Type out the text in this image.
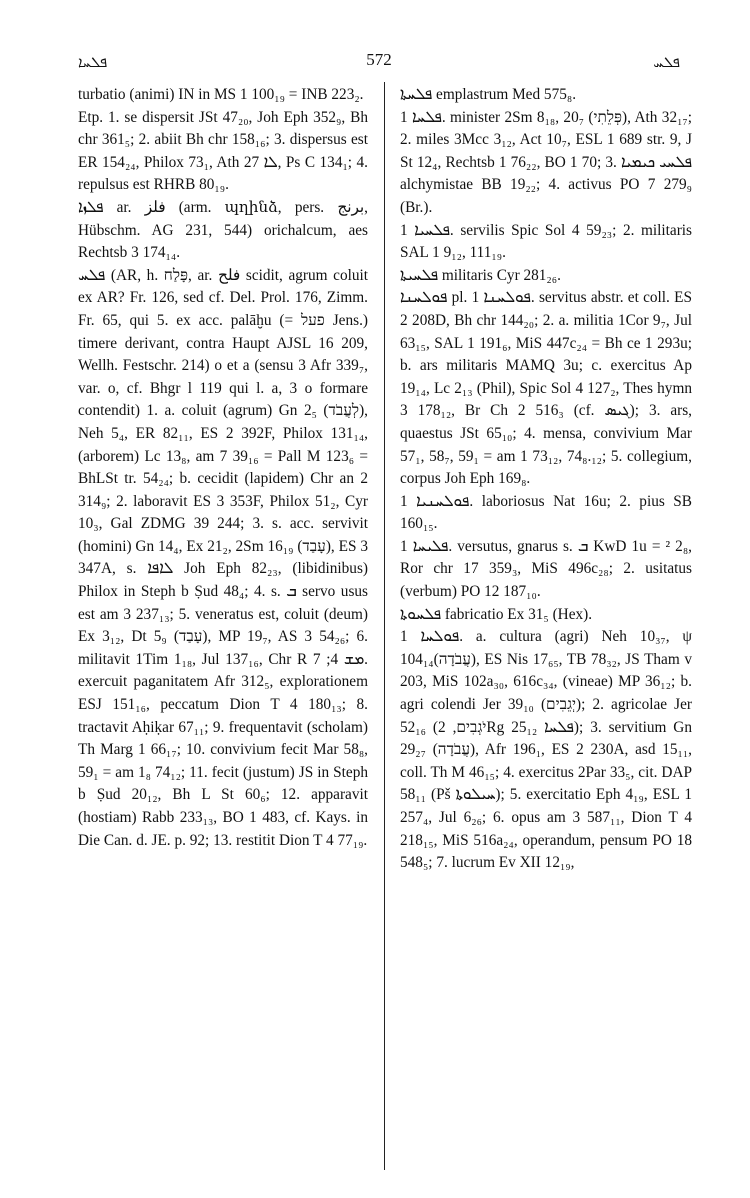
ܦܠܚܐ	572	ܦܠܚ

turbatio (animi) IN in MS 1 100₁₉ = INB 223₂.

Etp. 1. se dispersit JSt 47₂₀, Joh Eph 352₉, Bh chr 361₅; 2. abiit Bh chr 158₁₆; 3. dispersus est ER 154₂₄, Philox 73₁, Ath ܠܐ 27, Ps C 134₁; 4. repulsus est RHRB 80₁₉.

ܦܠܙܐ ar. ﻓﻠﺰ (arm. պղինձ, pers. برنج, Hübschm. AG 231, 544) orichalcum, aes Rechtsb 3 174₁₄.

ܦܠܚ (AR, h. פָּלַח, ar. فلح scidit, agrum coluit ex AR? Fr. 126, sed cf. Del. Prol. 176, Zimm. Fr. 65, qui 5. ex acc. palāḫu (= פעל Jens.) timere derivant, contra Haupt AJSL 16 209, Wellh. Festschr. 214) o et a (sensu 3 Afr 339₇, var. o, cf. Bhgr l 119 qui l. a, 3 o formare contendit) 1. a. coluit (agrum) Gn 2₅ (לְעֲבֹד), Neh 5₄, ER 82₁₁, ES 2 392F, Philox 131₁₄, (arborem) Lc 13₈, am 7 39₁₆ = Pall M 123₆ = BhLSt tr. 54₂₄; b. cecidit (lapidem) Chr an 2 314₉; 2. laboravit ES 3 353F, Philox 51₂, Cyr 10₃, Gal ZDMG 39 244; 3. s. acc. servivit (homini) Gn 14₄, Ex 21₂, 2Sm 16₁₉ (עָבַד), ES 3 347A, s. ܠܐܦܐ Joh Eph 82₂₃, (libidinibus) Philox in Steph b Ṣud 48₄; 4. s. ܒ servo usus est am 3 237₁₃; 5. veneratus est, coluit (deum) Ex 3₁₂, Dt 5₉ (עָבַד), MP 19₇, AS 3 54₂₆; 6. militavit 1Tim 1₁₈, Jul 137₁₆, Chr R ܡܫ 4; 7. exercuit paganitatem Afr 312₅, explorationem ESJ 151₁₆, peccatum Dion T 4 180₁₃; 8. tractavit Aḥiḳar 67₁₁; 9. frequentavit (scholam) Th Marg 1 66₁₇; 10. convivium fecit Mar 58₈, 59₁ = am 1₈ 74₁₂; 11. fecit (justum) JS in Steph b Ṣud 20₁₂, Bh L St 60₆; 12. apparavit (hostiam) Rabb 233₁₃, BO 1 483, cf. Kays. in Die Can. d. JE. p. 92; 13. restitit Dion T 4 77₁₉.

ܦܠܚܬܐ emplastrum Med 575₈.

ܦܠܚܐ 1. minister 2Sm 8₁₈, 20₇ (פְּלֵתִי), Ath 32₁₇; 2. miles 3Mcc 3₁₂, Act 10₇, ESL 1 689 str. 9, J St 12₄, Rechtsb 1 76₂₂, BO 1 70; 3. ܦܠܚܝ ܟܝܡܝܐ alchymistae BB 19₂₂; 4. activus PO 7 279₉ (Br.).

ܦܠܚܝܐ 1. servilis Spic Sol 4 59₂₃; 2. militaris SAL 1 9₁₂, 111₁₉.

ܦܠܚܝܬܐ militaris Cyr 281₂₆.

ܦܘܠܚܢܐ pl. ܦܘܠܚܢܐ 1. servitus abstr. et coll. ES 2 208D, Bh chr 144₂₀; 2. a. militia 1Cor 9₇, Jul 63₁₅, SAL 1 191₆, MiS 447c₂₄ = Bh ce 1 293u; b. ars militaris MAMQ 3u; c. exercitus Ap 19₁₄, Lc 2₁₃ (Phil), Spic Sol 4 127₂, Thes hymn 3 178₁₂, Br Ch 2 516₃ (cf. ܓܝܣ); 3. ars, quaestus JSt 65₁₀; 4. mensa, convivium Mar 57₁, 58₇, 59₁ = am 1 73₁₂, 74₈.₁₂; 5. collegium, corpus Joh Eph 169₈.

ܦܘܠܚܢܝܐ 1. laboriosus Nat 16u; 2. pius SB 160₁₅.

ܦܠܝܚܐ 1. versutus, gnarus s. ܒ KwD 1u = ² 2₈, Ror chr 17 359₃, MiS 496c₂₈; 2. usitatus (verbum) PO 12 187₁₀.

ܦܠܚܘܬܐ fabricatio Ex 31₅ (Hex).

ܦܘܠܚܐ 1. a. cultura (agri) Neh 10₃₇, ψ 104₁₄(עֲבֹדָה), ES Nis 17₆₅, TB 78₃₂, JS Tham v 203, MiS 102a₃₀, 616c₃₄, (vineae) MP 36₁₂; b. agri colendi Jer 39₁₀ (יְגֵבִים); 2. agricolae Jer 52₁₆ (יֹגְבִים, 2Rg 25₁₂ ܦܠܚܐ); 3. servitium Gn 29₂₇ (עֲבֹדָה), Afr 196₁, ES 2 230A, asd 15₁₁, coll. Th M 46₁₅; 4. exercitus 2Par 33₅, cit. DAP 58₁₁ (Pš ܚܝܠܘܬܐ); 5. exercitatio Eph 4₁₉, ESL 1 257₄, Jul 6₂₆; 6. opus am 3 587₁₁, Dion T 4 218₁₅, MiS 516a₂₄, operandum, pensum PO 18 548₅; 7. lucrum Ev XII 12₁₉,
